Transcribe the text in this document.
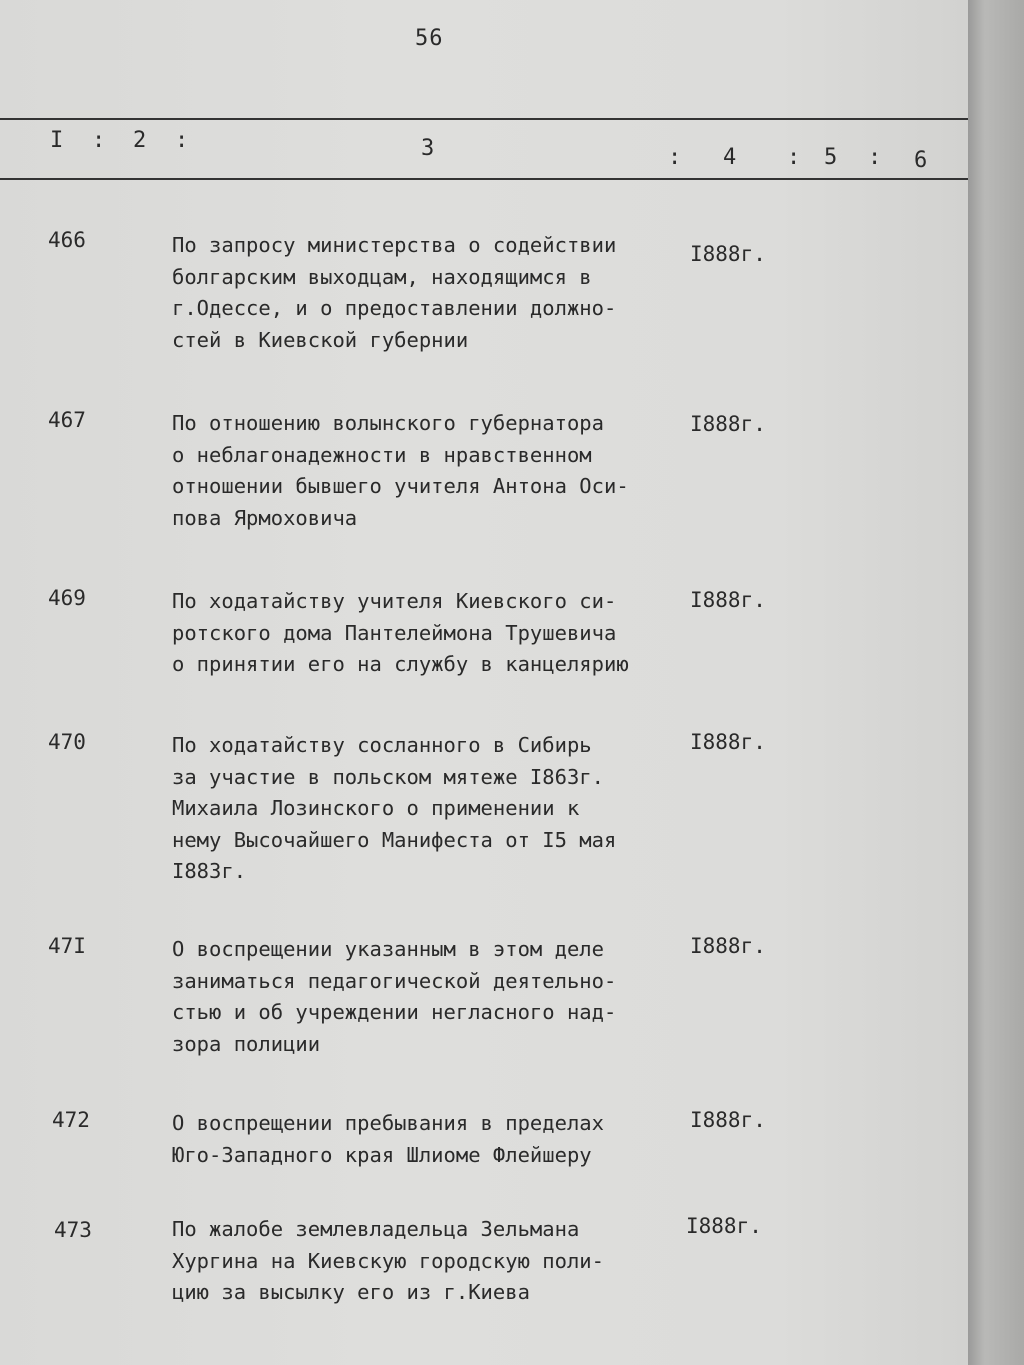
56
I : 2 :	3	: 4 : 5 : 6
466	По запросу министерства о содействии
болгарским выходцам, находящимся в
г.Одессе, и о предоставлении должно-
стей в Киевской губернии
I888г.
467	По отношению волынского губернатора
о неблагонадежности в нравственном
отношении бывшего учителя Антона Оси-
пова Ярмоховича
I888г.
469	По ходатайству учителя Киевского си-
ротского дома Пантелеймона Трушевича
о принятии его на службу в канцелярию
I888г.
470	По ходатайству сосланного в Сибирь
за участие в польском мятеже I863г.
Михаила Лозинского о применении к
нему Высочайшего Манифеста от I5 мая
I883г.
I888г.
47I	О воспрещении указанным в этом деле
заниматься педагогической деятельно-
стью и об учреждении негласного над-
зора полиции
I888г.
472	О воспрещении пребывания в пределах
Юго-Западного края Шлиоме Флейшеру
I888г.
473	По жалобе землевладельца Зельмана
Хургина на Киевскую городскую поли-
цию за высылку его из г.Киева
I888г.
